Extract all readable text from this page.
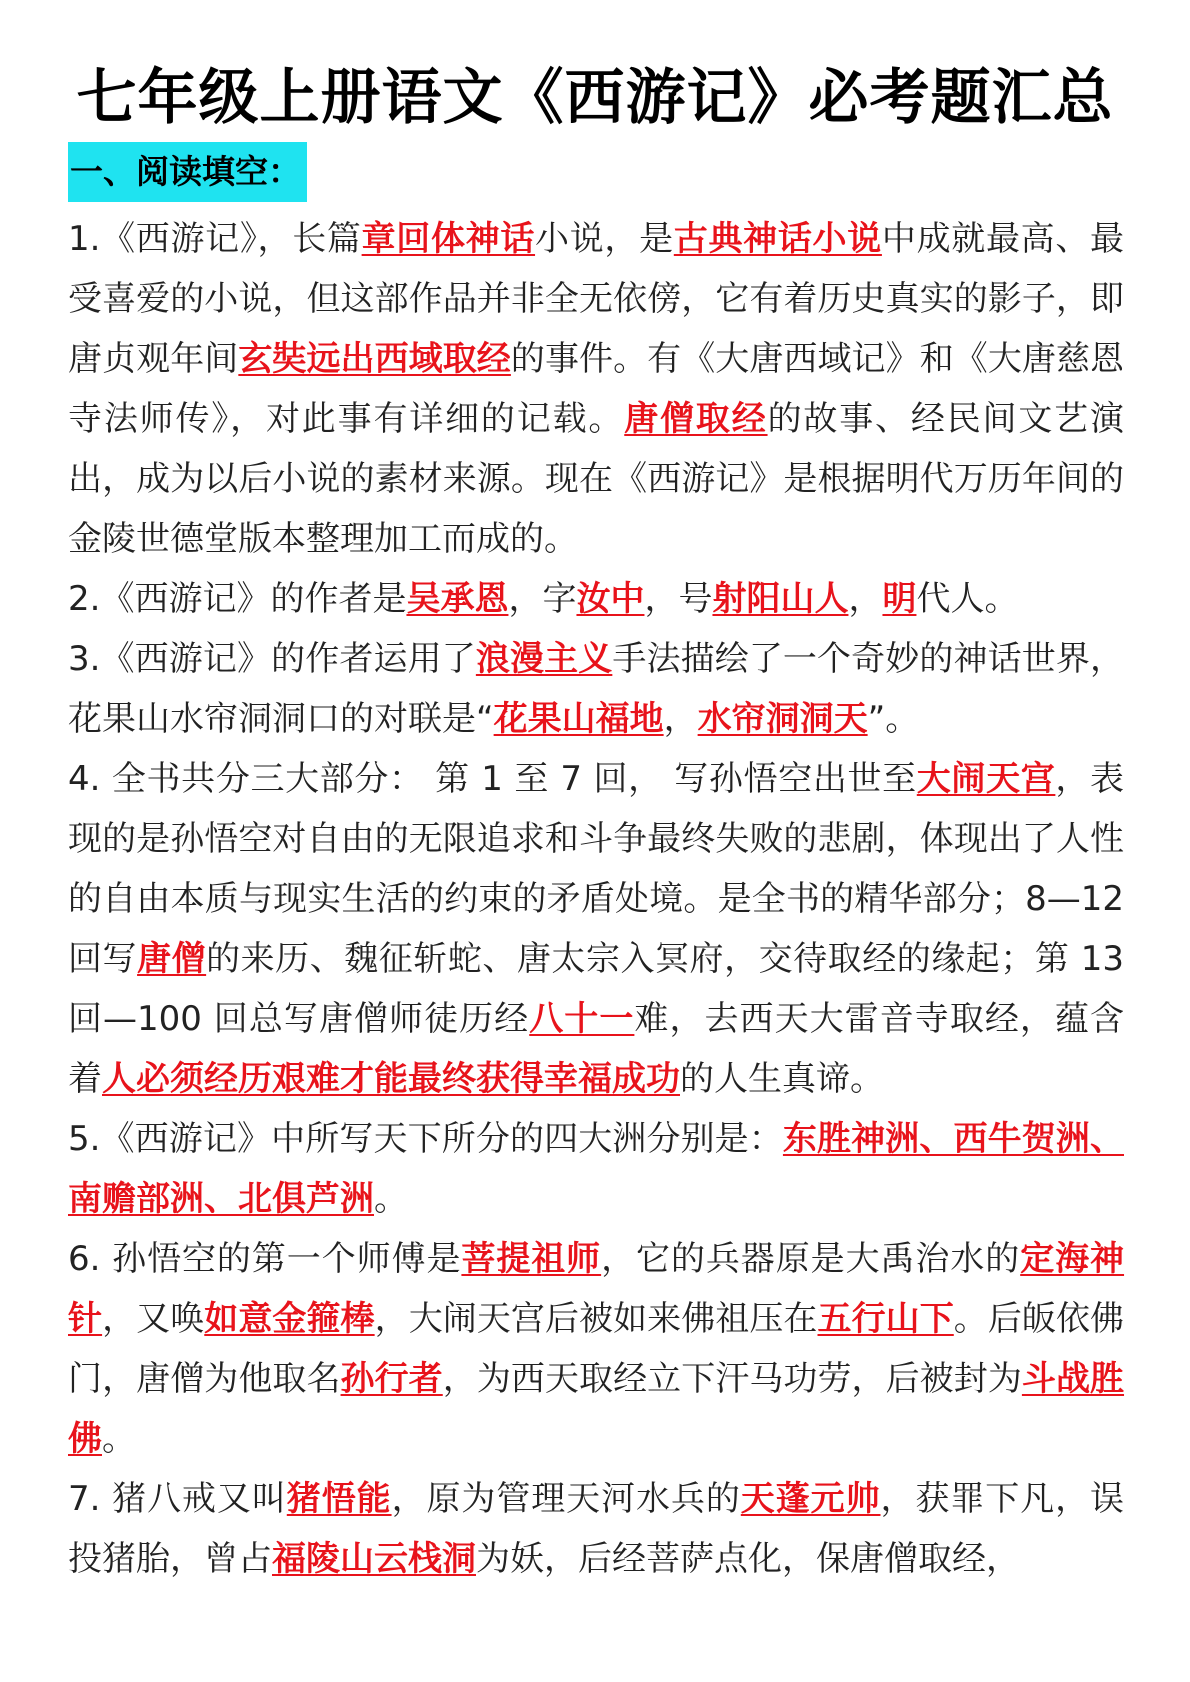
七年级上册语文《西游记》必考题汇总
一、阅读填空：

1.《西游记》，长篇章回体神话小说，是古典神话小说中成就最高、最受喜爱的小说，但这部作品并非全无依傍，它有着历史真实的影子，即唐贞观年间玄奘远出西域取经的事件。有《大唐西域记》和《大唐慈恩寺法师传》，对此事有详细的记载。唐僧取经的故事、经民间文艺演出，成为以后小说的素材来源。现在《西游记》是根据明代万历年间的金陵世德堂版本整理加工而成的。

2.《西游记》的作者是吴承恩，字汝中，号射阳山人，明代人。

3.《西游记》的作者运用了浪漫主义手法描绘了一个奇妙的神话世界，花果山水帘洞洞口的对联是“花果山福地，水帘洞洞天”。

4. 全书共分三大部分： 第 1 至 7 回， 写孙悟空出世至大闹天宫，表现的是孙悟空对自由的无限追求和斗争最终失败的悲剧，体现出了人性的自由本质与现实生活的约束的矛盾处境。是全书的精华部分；8—12 回写唐僧的来历、魏征斩蛇、唐太宗入冥府，交待取经的缘起；第 13 回—100 回总写唐僧师徒历经八十一难，去西天大雷音寺取经，蕴含着人必须经历艰难才能最终获得幸福成功的人生真谛。

5.《西游记》中所写天下所分的四大洲分别是：东胜神洲、西牛贺洲、南赡部洲、北俱芦洲。

6. 孙悟空的第一个师傅是菩提祖师，它的兵器原是大禹治水的定海神针，又唤如意金箍棒，大闹天宫后被如来佛祖压在五行山下。后皈依佛门，唐僧为他取名孙行者，为西天取经立下汗马功劳，后被封为斗战胜佛。

7. 猪八戒又叫猪悟能，原为管理天河水兵的天蓬元帅，获罪下凡，误投猪胎，曾占福陵山云栈洞为妖，后经菩萨点化，保唐僧取经，
